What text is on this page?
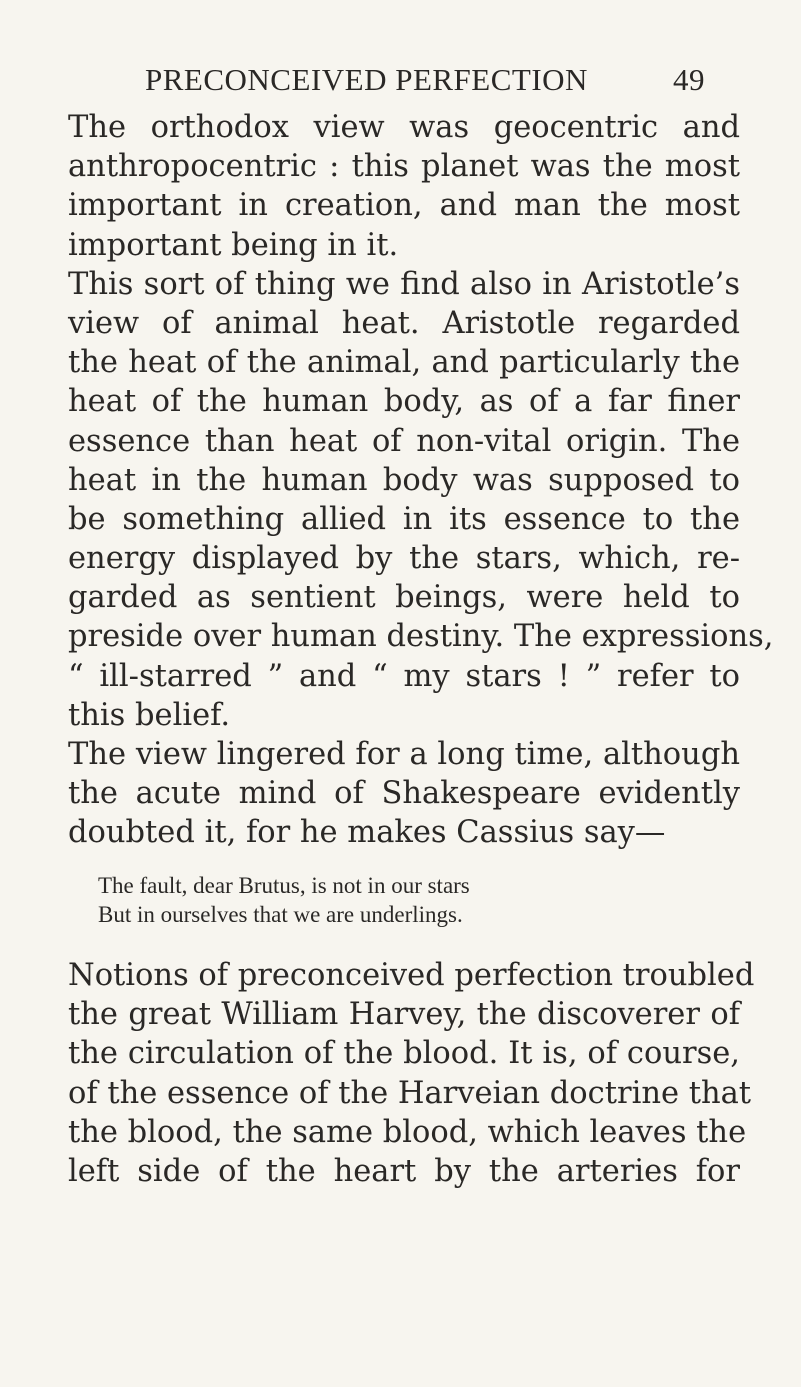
PRECONCEIVED PERFECTION	49
The orthodox view was geocentric and
anthropocentric : this planet was the most
important in creation, and man the most
important being in it.
This sort of thing we find also in Aristotle’s
view of animal heat. Aristotle regarded
the heat of the animal, and particularly the
heat of the human body, as of a far finer
essence than heat of non-vital origin. The
heat in the human body was supposed to
be something allied in its essence to the
energy displayed by the stars, which, re-
garded as sentient beings, were held to
preside over human destiny. The expressions,
“ ill-starred ” and “ my stars ! ” refer to
this belief.
The view lingered for a long time, although
the acute mind of Shakespeare evidently
doubted it, for he makes Cassius say—
The fault, dear Brutus, is not in our stars
But in ourselves that we are underlings.
Notions of preconceived perfection troubled
the great William Harvey, the discoverer of
the circulation of the blood. It is, of course,
of the essence of the Harveian doctrine that
the blood, the same blood, which leaves the
left side of the heart by the arteries for
